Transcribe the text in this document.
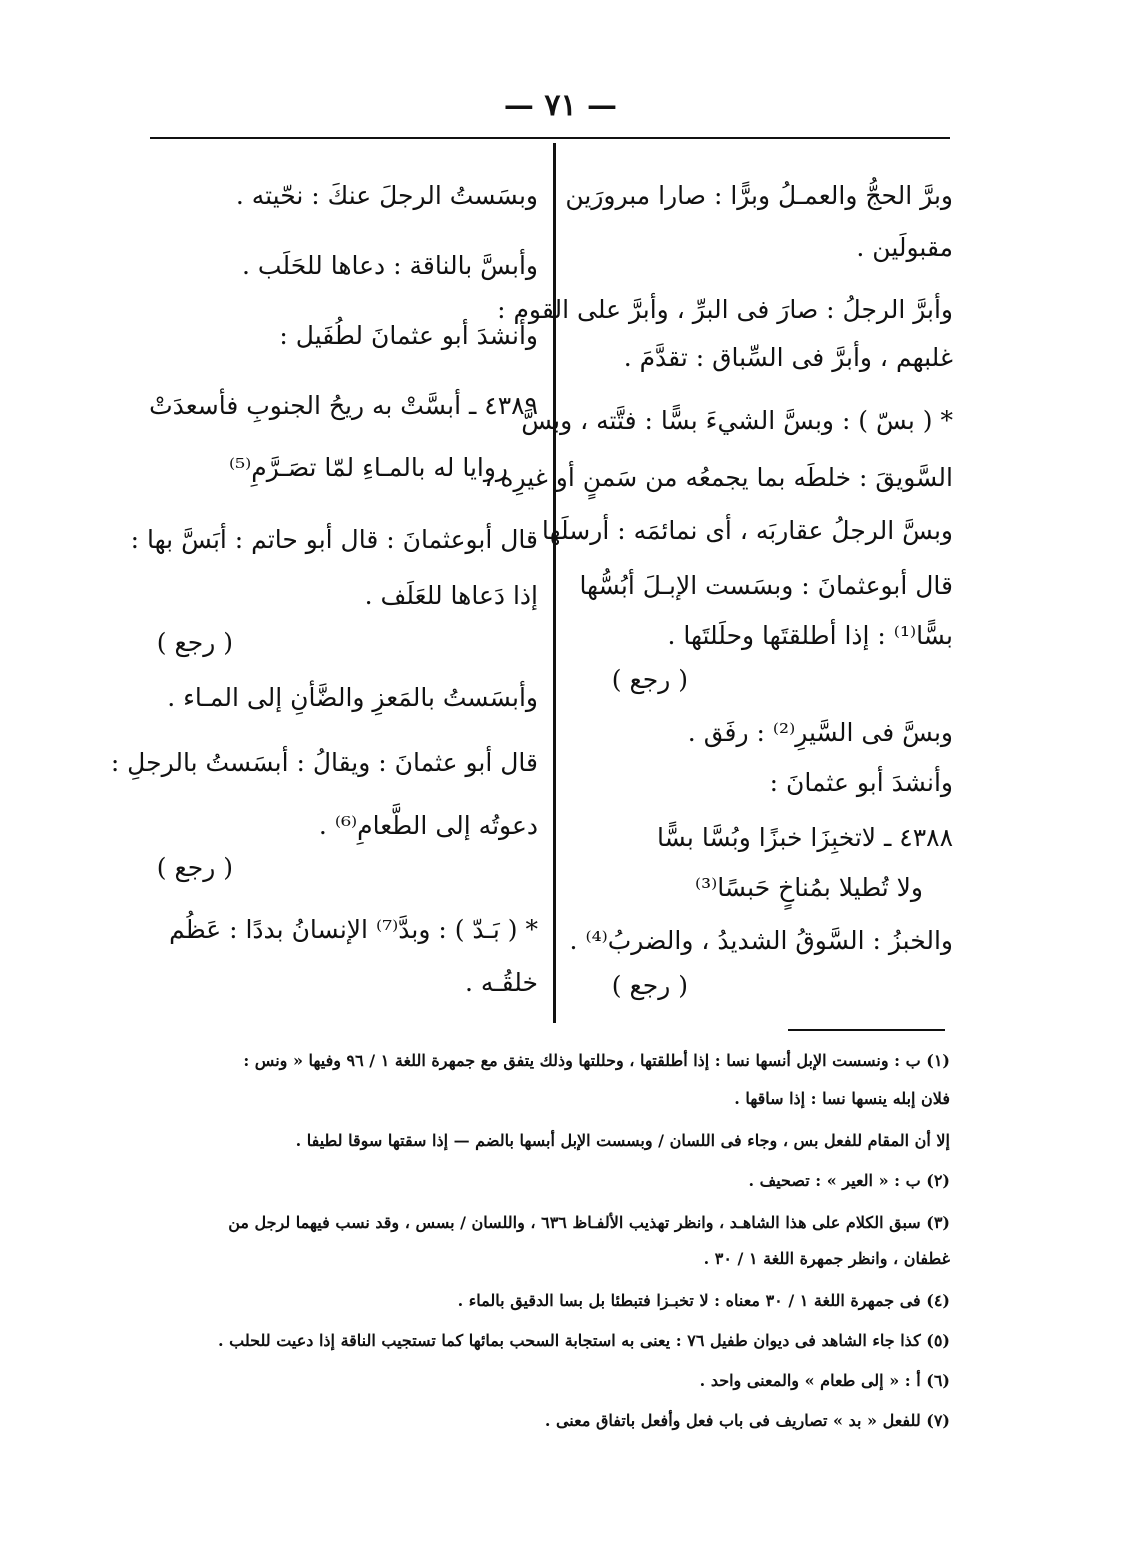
— ٧١ —
وبرَّ الحجُّ والعمـلُ وبرًّا : صارا مبرورَين
مقبولَين .
وأبرَّ الرجلُ : صارَ فى البرِّ ، وأبرَّ على القوم :
غلبهم ، وأبرَّ فى السِّباق : تقدَّمَ .
* ( بسّ ) : وبسَّ الشيءَ بسًّا : فتَّته ، وبسَّ
السَّويقَ : خلطَه بما يجمعُه من سَمنٍ أو غيرِه ،
وبسَّ الرجلُ عقاربَه ، أى نمائمَه : أرسلَها .
قال أبوعثمانَ : وبسَست الإبـلَ أبُسُّها
بسًّا⁽¹⁾ : إذا أطلقتَها وحلَلتَها .
( رجع )
وبسَّ فى السَّيرِ⁽²⁾ : رفَق .
وأنشدَ أبو عثمانَ :
٤٣٨٨ ـ لاتخبِزَا خبزًا وبُسَّا بسًّا
ولا تُطيلا بمُناخٍ حَبسًا⁽³⁾
والخبزُ : السَّوقُ الشديدُ ، والضربُ⁽⁴⁾ .
( رجع )
وبسَستُ الرجلَ عنكَ : نحّيته .
وأبسَّ بالناقة : دعاها للحَلَب .
وأنشدَ أبو عثمانَ لطُفَيل :
٤٣٨٩ ـ أبسَّتْ به ريحُ الجنوبِ فأسعدَتْ
روايا له بالمـاءِ لمّا تصَـرَّمِ⁽⁵⁾
قال أبوعثمانَ : قال أبو حاتم : أبَسَّ بها :
إذا دَعاها للعَلَف .
( رجع )
وأبسَستُ بالمَعزِ والضَّأنِ إلى المـاء .
قال أبو عثمانَ : ويقالُ : أبسَستُ بالرجلِ :
دعوتُه إلى الطَّعامِ⁽⁶⁾ .
( رجع )
* ( بَـدّ ) : وبدَّ⁽⁷⁾ الإنسانُ بددًا : عَظُم
خلقُـه .
(١) ب : ونسست الإبل أنسها نسا : إذا أطلقتها ، وحللتها وذلك يتفق مع جمهرة اللغة ١ / ٩٦ وفيها « ونس :
فلان إبله ينسها نسا : إذا ساقها .
إلا أن المقام للفعل بس ، وجاء فى اللسان / وبسست الإبل أبسها بالضم — إذا سقتها سوقا لطيفا .
(٢) ب : « العير » : تصحيف .
(٣) سبق الكلام على هذا الشاهـد ، وانظر تهذيب الألفـاظ ٦٣٦ ، واللسان / بسس ، وقد نسب فيهما لرجل من
غطفان ، وانظر جمهرة اللغة ١ / ٣٠ .
(٤) فى جمهرة اللغة ١ / ٣٠ معناه : لا تخبـزا فتبطئا بل بسا الدقيق بالماء .
(٥) كذا جاء الشاهد فى ديوان طفيل ٧٦ : يعنى به استجابة السحب بمائها كما تستجيب الناقة إذا دعيت للحلب .
(٦) أ : « إلى طعام » والمعنى واحد .
(٧) للفعل « بد » تصاريف فى باب فعل وأفعل باتفاق معنى .
